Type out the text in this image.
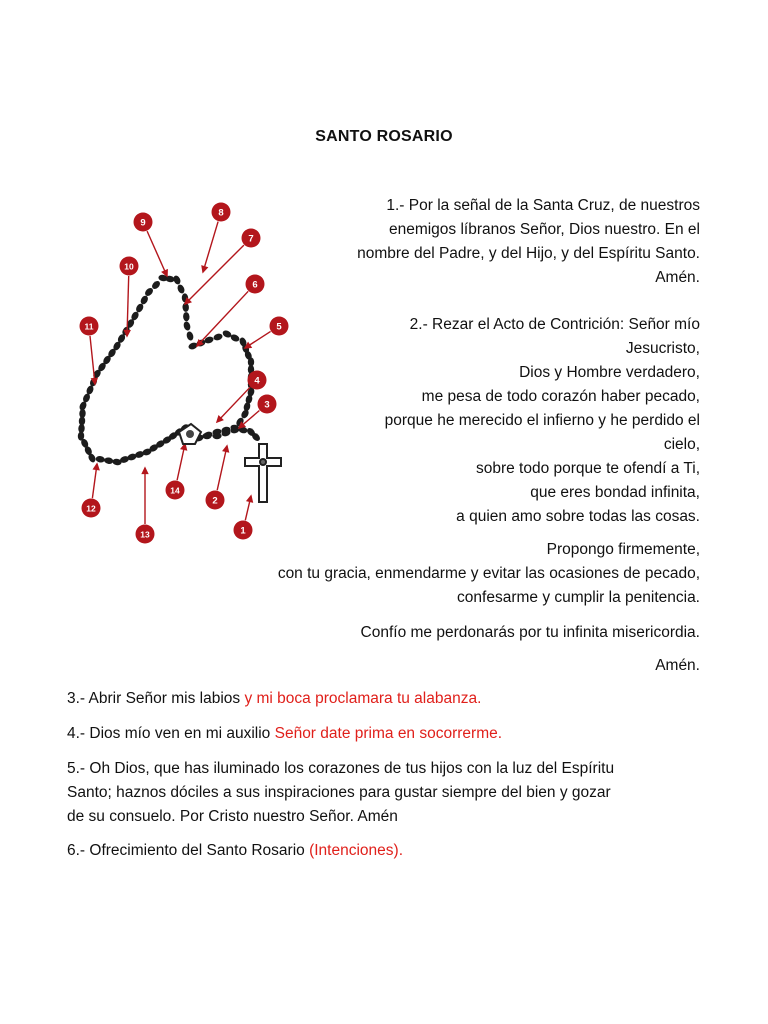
SANTO ROSARIO
1
2
3
4
5
6
7
8
9
10
11
12
13
14

1.- Por la señal de la Santa Cruz, de nuestros

enemigos líbranos Señor, Dios nuestro. En el

nombre del Padre, y del Hijo, y del Espíritu Santo.

Amén.

2.- Rezar el Acto de Contrición: Señor mío

Jesucristo,

Dios y Hombre verdadero,

me pesa de todo corazón haber pecado,

porque he merecido el infierno y he perdido el

cielo,

sobre todo porque te ofendí a Ti,

que eres bondad infinita,

a quien amo sobre todas las cosas.

Propongo firmemente,

con tu gracia, enmendarme y evitar las ocasiones de pecado,

confesarme y cumplir la penitencia.

Confío me perdonarás por tu infinita misericordia.

Amén.

3.- Abrir Señor mis labios y mi boca proclamara tu alabanza.
4.- Dios mío ven en mi auxilio Señor date prima en socorrerme.
5.- Oh Dios, que has iluminado los corazones de tus hijos con la luz del Espíritu
Santo; haznos dóciles a sus inspiraciones para gustar siempre del bien y gozar
de su consuelo. Por Cristo nuestro Señor. Amén
6.- Ofrecimiento del Santo Rosario (Intenciones).
